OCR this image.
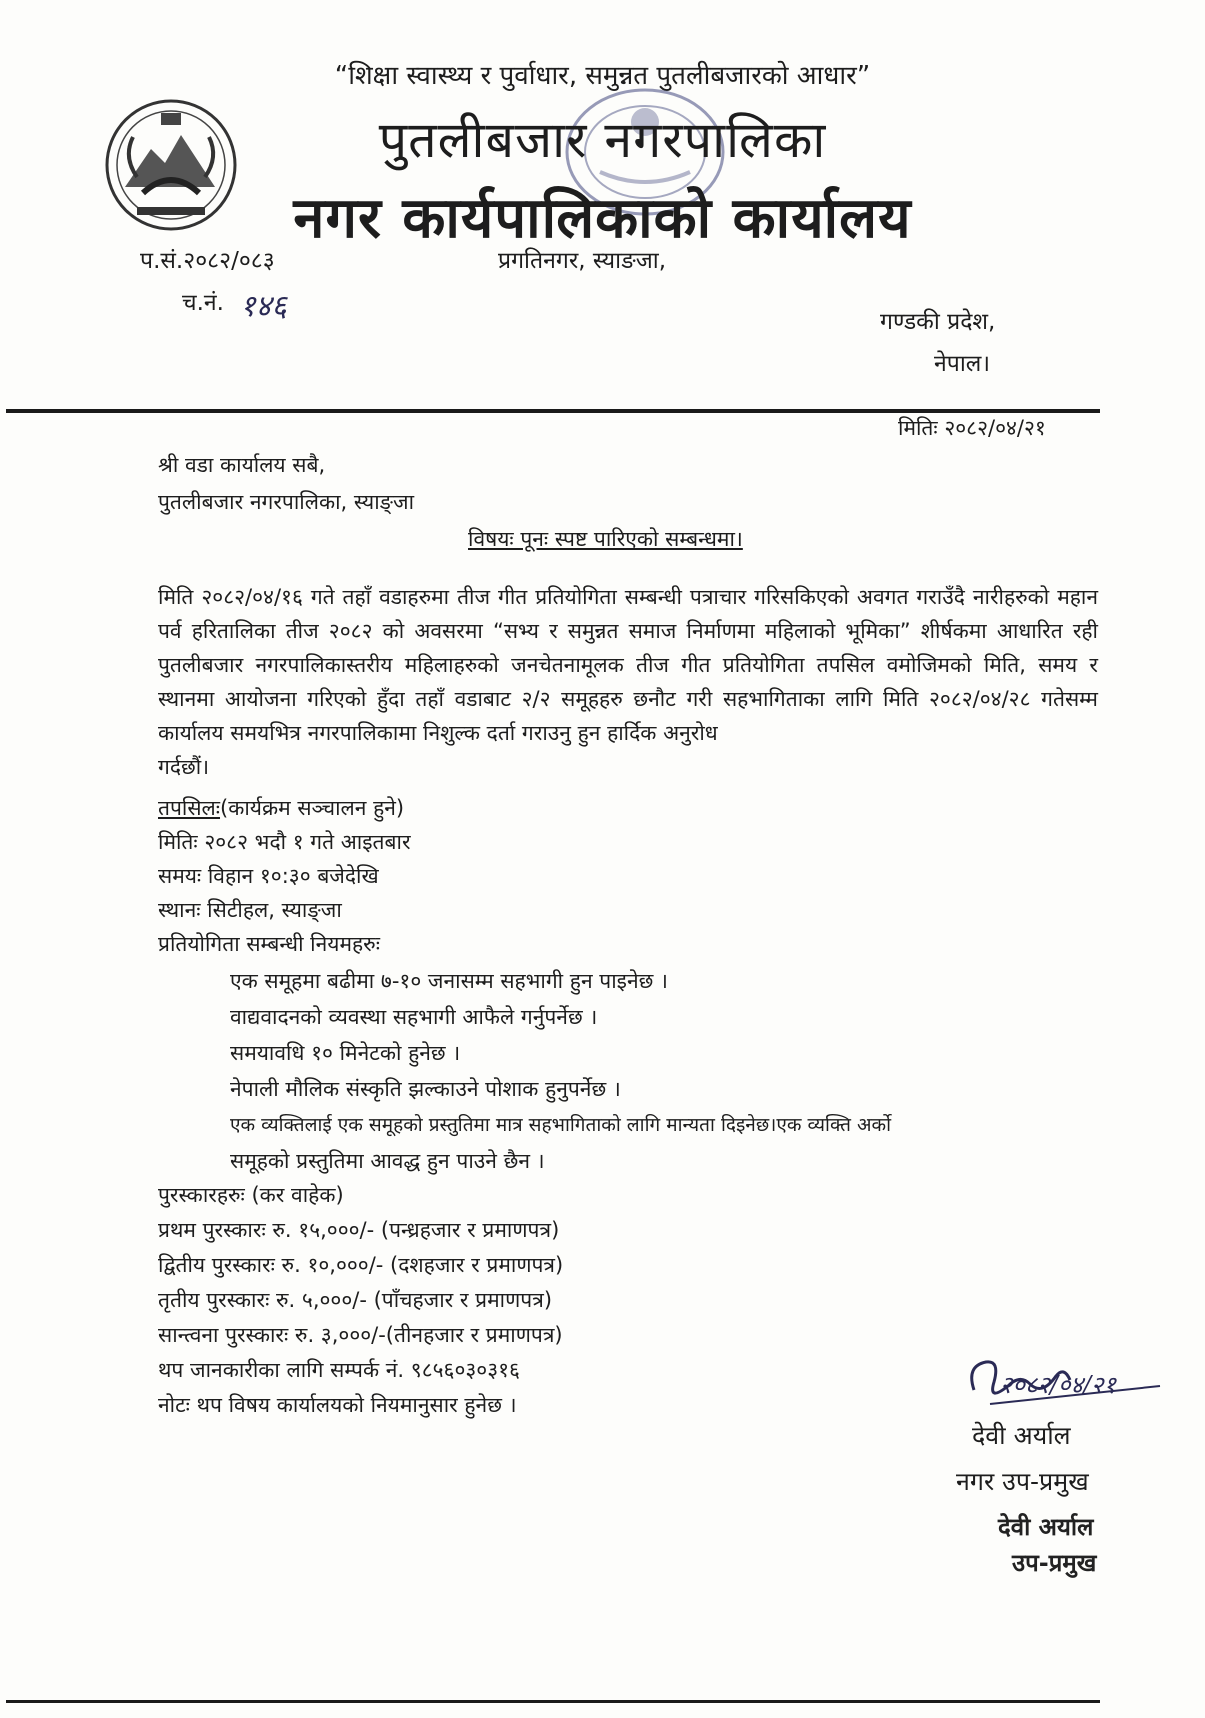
“शिक्षा स्वास्थ्य र पुर्वाधार, समुन्नत पुतलीबजारको आधार”
पुतलीबजार नगरपालिका
नगर कार्यपालिकाको कार्यालय
प.सं.२०८२/०८३
च.नं. १४६
प्रगतिनगर, स्याङजा,
गण्डकी प्रदेश,
नेपाल।
मितिः २०८२/०४/२१
श्री वडा कार्यालय सबै,
पुतलीबजार नगरपालिका, स्याङ्जा
विषयः पूनः स्पष्ट पारिएको सम्बन्धमा।
मिति २०८२/०४/१६ गते तहाँ वडाहरुमा तीज गीत प्रतियोगिता सम्बन्धी पत्राचार गरिसकिएको अवगत गराउँदै नारीहरुको महान पर्व हरितालिका तीज २०८२ को अवसरमा “सभ्य र समुन्नत समाज निर्माणमा महिलाको भूमिका” शीर्षकमा आधारित रही पुतलीबजार नगरपालिकास्तरीय महिलाहरुको जनचेतनामूलक तीज गीत प्रतियोगिता तपसिल वमोजिमको मिति, समय र स्थानमा आयोजना गरिएको हुँदा तहाँ वडाबाट २/२ समूहहरु छनौट गरी सहभागिताका लागि मिति २०८२/०४/२८ गतेसम्म कार्यालय समयभित्र नगरपालिकामा निशुल्क दर्ता गराउनु हुन हार्दिक अनुरोध
गर्दछौं।
तपसिलः(कार्यक्रम सञ्चालन हुने)
मितिः २०८२ भदौ १ गते आइतबार
समयः विहान १०:३० बजेदेखि
स्थानः सिटीहल, स्याङ्जा
प्रतियोगिता सम्बन्धी नियमहरुः
एक समूहमा बढीमा ७-१० जनासम्म सहभागी हुन पाइनेछ ।
वाद्यवादनको व्यवस्था सहभागी आफैले गर्नुपर्नेछ ।
समयावधि १० मिनेटको हुनेछ ।
नेपाली मौलिक संस्कृति झल्काउने पोशाक हुनुपर्नेछ ।
एक व्यक्तिलाई एक समूहको प्रस्तुतिमा मात्र सहभागिताको लागि मान्यता दिइनेछ।एक व्यक्ति अर्को
समूहको प्रस्तुतिमा आवद्ध हुन पाउने छैन ।
पुरस्कारहरुः (कर वाहेक)
प्रथम पुरस्कारः रु. १५,०००/- (पन्ध्रहजार र प्रमाणपत्र)
द्वितीय पुरस्कारः रु. १०,०००/- (दशहजार र प्रमाणपत्र)
तृतीय पुरस्कारः रु. ५,०००/- (पाँचहजार र प्रमाणपत्र)
सान्त्वना पुरस्कारः रु. ३,०००/-(तीनहजार र प्रमाणपत्र)
थप जानकारीका लागि सम्पर्क नं. ९८५६०३०३१६
नोटः थप विषय कार्यालयको नियमानुसार हुनेछ ।
२०८२/०४/२१
देवी अर्याल
नगर उप-प्रमुख
देवी अर्याल
उप-प्रमुख
